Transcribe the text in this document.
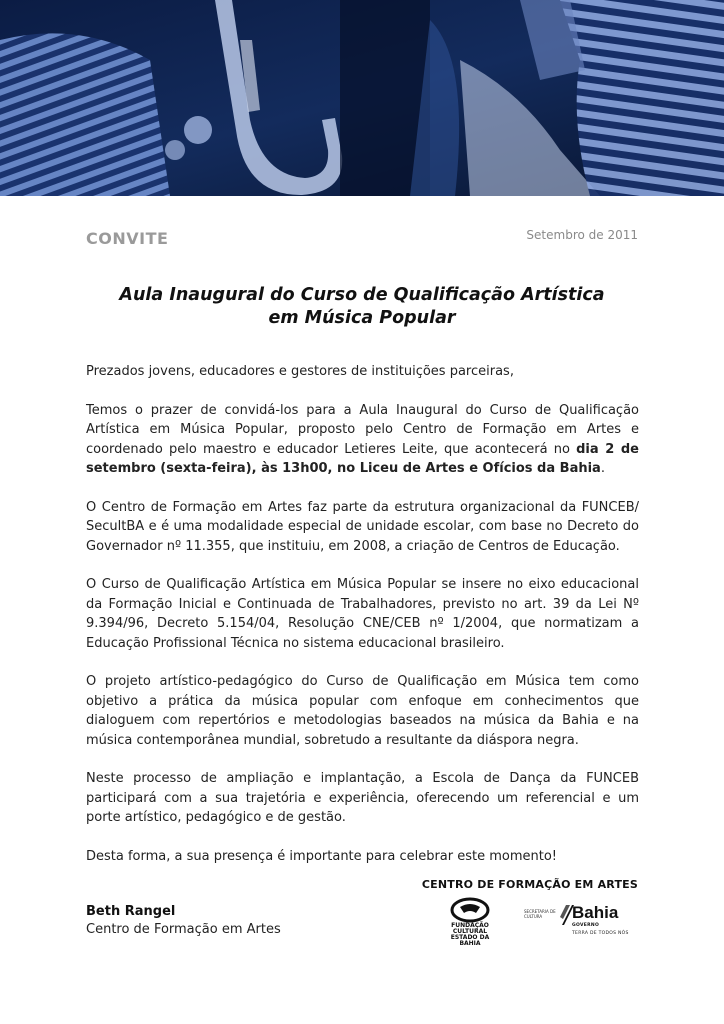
CONVITE	Setembro de 2011
Aula Inaugural do Curso de Qualificação Artística
em Música Popular

Prezados jovens, educadores e gestores de instituições parceiras,

Temos o prazer de convidá-los para a Aula Inaugural do Curso de Qualificação Artística em Música Popular, proposto pelo Centro de Formação em Artes e coordenado pelo maestro e educador Letieres Leite, que acontecerá no dia 2 de setembro (sexta-feira), às 13h00, no Liceu de Artes e Ofícios da Bahia.

O Centro de Formação em Artes faz parte da estrutura organizacional da FUNCEB/ SecultBA e é uma modalidade especial de unidade escolar, com base no Decreto do Governador nº 11.355, que instituiu, em 2008, a criação de Centros de Educação.

O Curso de Qualificação Artística em Música Popular se insere no eixo educacional da Formação Inicial e Continuada de Trabalhadores, previsto no art. 39 da Lei Nº 9.394/96, Decreto 5.154/04, Resolução CNE/CEB nº 1/2004, que normatizam a Educação Profissional Técnica no sistema educacional brasileiro.

O projeto artístico-pedagógico do Curso de Qualificação em Música tem como objetivo a prática da música popular com enfoque em conhecimentos que dialoguem com repertórios e metodologias baseados na música da Bahia e na música contemporânea mundial, sobretudo a resultante da diáspora negra.

Neste processo de ampliação e implantação, a Escola de Dança da FUNCEB participará com a sua trajetória e experiência, oferecendo um referencial e um porte artístico, pedagógico e de gestão.

Desta forma, a sua presença é importante para celebrar este momento!

Beth Rangel
Centro de Formação em Artes
CENTRO DE FORMAÇÃO EM ARTES
FUNDAÇÃO CULTURAL ESTADO DA BAHIA
SECRETARIA DE CULTURA	Bahia
GOVERNO
TERRA DE TODOS NÓS
